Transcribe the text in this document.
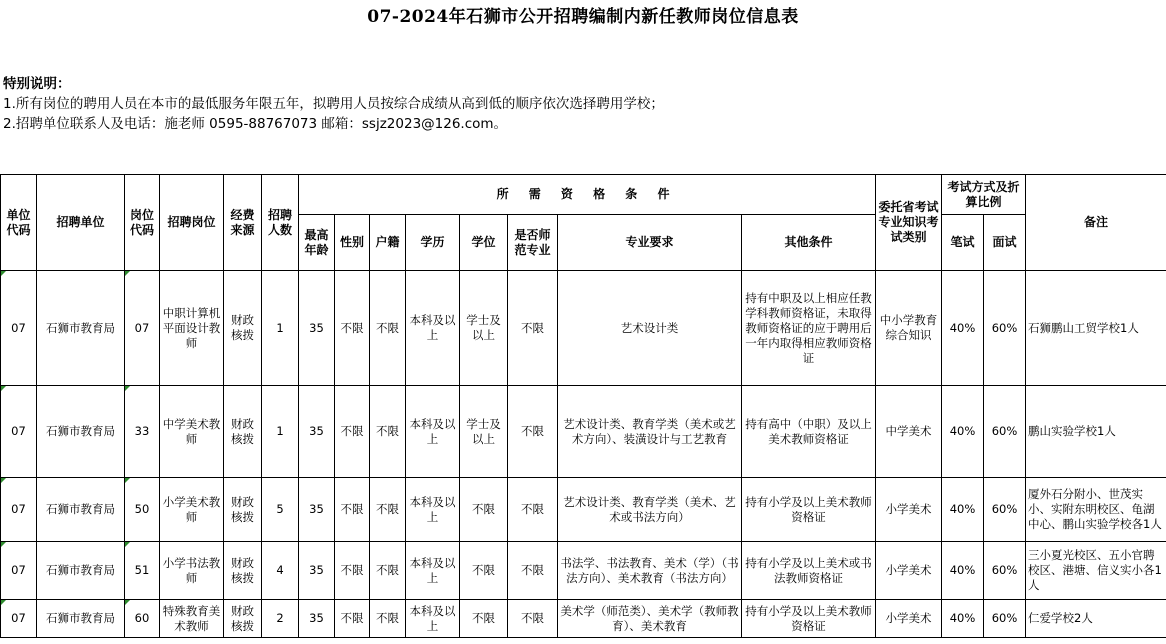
07-2024年石狮市公开招聘编制内新任教师岗位信息表
特别说明：
1.所有岗位的聘用人员在本市的最低服务年限五年，拟聘用人员按综合成绩从高到低的顺序依次选择聘用学校；
2.招聘单位联系人及电话：施老师 0595-88767073 邮箱：ssjz2023@126.com。
单位代码	招聘单位	岗位代码	招聘岗位	经费来源	招聘人数	所 需 资 格 条 件								委托省考试专业知识考试类别	考试方式及折算比例		备注
						最高年龄	性别	户籍	学历	学位	是否师范专业	专业要求	其他条件		笔试	面试	
07	石狮市教育局	07	中职计算机平面设计教师	财政核拨	1	35	不限	不限	本科及以上	学士及以上	不限	艺术设计类	持有中职及以上相应任教学科教师资格证，未取得教师资格证的应于聘用后一年内取得相应教师资格证	中小学教育综合知识	40%	60%	石狮鹏山工贸学校1人
07	石狮市教育局	33	中学美术教师	财政核拨	1	35	不限	不限	本科及以上	学士及以上	不限	艺术设计类、教育学类（美术或艺术方向）、装潢设计与工艺教育	持有高中（中职）及以上美术教师资格证	中学美术	40%	60%	鹏山实验学校1人
07	石狮市教育局	50	小学美术教师	财政核拨	5	35	不限	不限	本科及以上	不限	不限	艺术设计类、教育学类（美术、艺术或书法方向）	持有小学及以上美术教师资格证	小学美术	40%	60%	厦外石分附小、世茂实小、实附东明校区、龟湖中心、鹏山实验学校各1人
07	石狮市教育局	51	小学书法教师	财政核拨	4	35	不限	不限	本科及以上	不限	不限	书法学、书法教育、美术（学）（书法方向）、美术教育（书法方向）	持有小学及以上美术或书法教师资格证	小学美术	40%	60%	三小夏光校区、五小官聘校区、港塘、信义实小各1人
07	石狮市教育局	60	特殊教育美术教师	财政核拨	2	35	不限	不限	本科及以上	不限	不限	美术学（师范类）、美术学（教师教育）、美术教育	持有小学及以上美术教师资格证	小学美术	40%	60%	仁爱学校2人
